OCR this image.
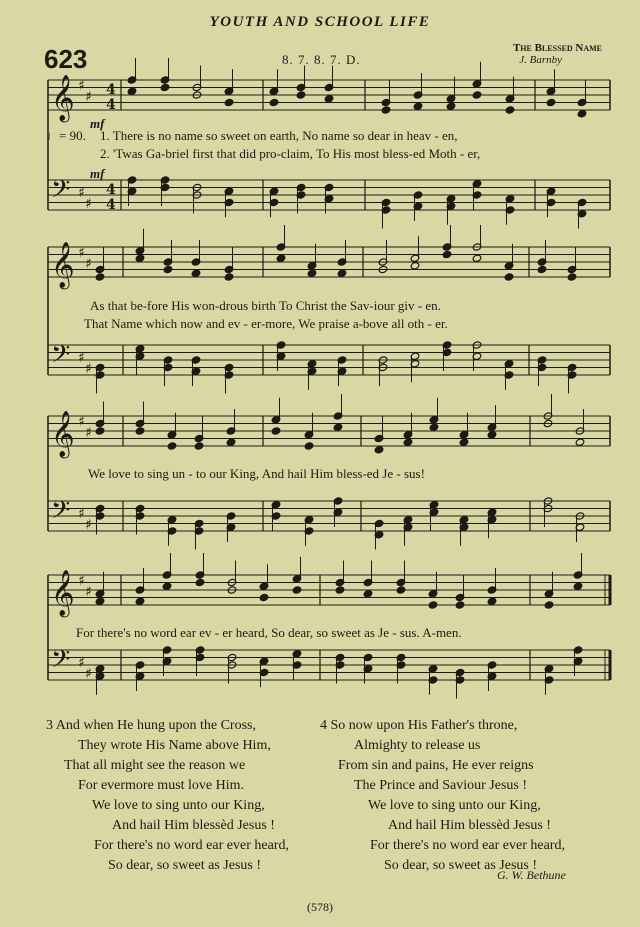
YOUTH AND SCHOOL LIFE
623	8. 7. 8. 7. D.
The Blessed Name
J. Barnby
𝄞 ♯
♯
𝄢 ♯
♯
4
4
4
4
𝄞 ♯
♯
𝄢 ♯
♯
𝄞 ♯
♯
𝄢 ♯
♯
𝄞 ♯
♯
𝄢 ♯
♯
mf
♩= 90. 1. There is no name so sweet on earth, No name so dear in heav - en,
2. 'Twas Ga-briel first that did pro-claim, To His most bless-ed Moth - er,
mf
As that be-fore His won-drous birth To Christ the Sav-iour giv - en.
That Name which now and ev - er-more, We praise a-bove all oth - er.
We love to sing un - to our King, And hail Him bless-ed Je - sus!
For there's no word ear ev - er heard, So dear, so sweet as Je - sus. A-men.
3 And when He hung upon the Cross,
They wrote His Name above Him,
That all might see the reason we
For evermore must love Him.
We love to sing unto our King,
And hail Him blessèd Jesus !
For there's no word ear ever heard,
So dear, so sweet as Jesus !
4 So now upon His Father's throne,
Almighty to release us
From sin and pains, He ever reigns
The Prince and Saviour Jesus !
We love to sing unto our King,
And hail Him blessèd Jesus !
For there's no word ear ever heard,
So dear, so sweet as Jesus !
G. W. Bethune
(578)
